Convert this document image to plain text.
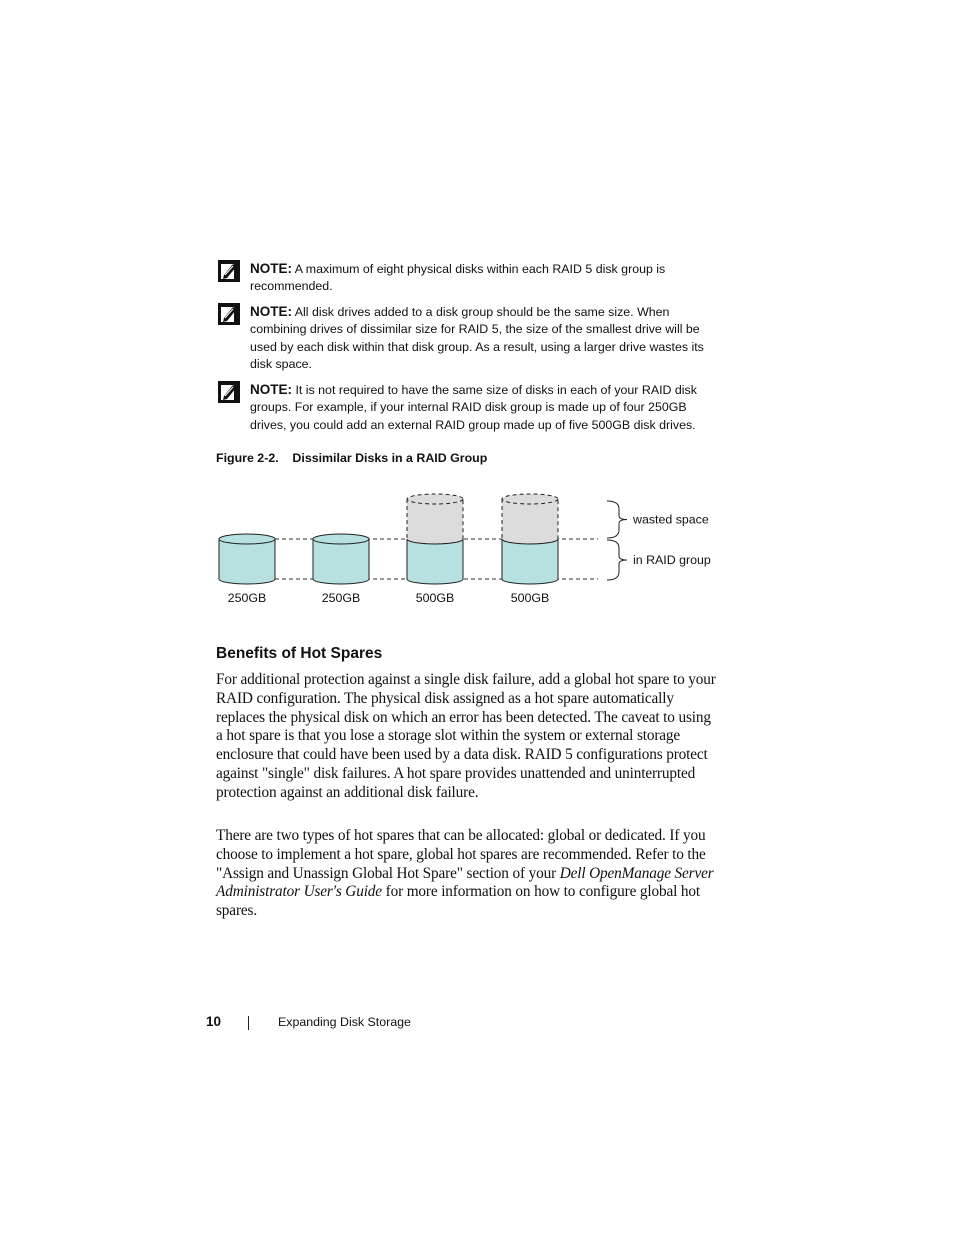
NOTE: A maximum of eight physical disks within each RAID 5 disk group is recommended.
NOTE: All disk drives added to a disk group should be the same size. When combining drives of dissimilar size for RAID 5, the size of the smallest drive will be used by each disk within that disk group. As a result, using a larger drive wastes its disk space.
NOTE: It is not required to have the same size of disks in each of your RAID disk groups. For example, if your internal RAID disk group is made up of four 250GB drives, you could add an external RAID group made up of five 500GB disk drives.
Figure 2-2.    Dissimilar Disks in a RAID Group
250GB	250GB	500GB	500GB
wasted space
in RAID group
Benefits of Hot Spares

For additional protection against a single disk failure, add a global hot spare to your RAID configuration. The physical disk assigned as a hot spare automatically replaces the physical disk on which an error has been detected. The caveat to using a hot spare is that you lose a storage slot within the system or external storage enclosure that could have been used by a data disk. RAID 5 configurations protect against "single" disk failures. A hot spare provides unattended and uninterrupted protection against an additional disk failure.

There are two types of hot spares that can be allocated: global or dedicated. If you choose to implement a hot spare, global hot spares are recommended. Refer to the "Assign and Unassign Global Hot Spare" section of your Dell OpenManage Server Administrator User's Guide for more information on how to configure global hot spares.

10	Expanding Disk Storage
